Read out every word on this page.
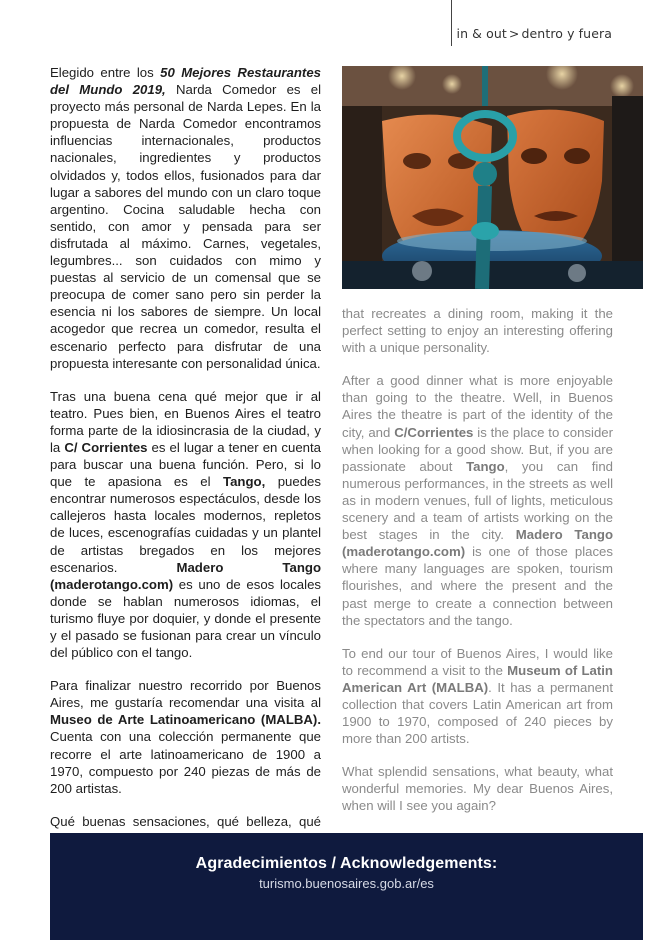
in & out > dentro y fuera

Elegido entre los 50 Mejores Restaurantes del Mundo 2019, Narda Comedor es el proyecto más personal de Narda Lepes. En la propuesta de Narda Comedor encontramos influencias internacionales, productos nacionales, ingredientes y productos olvidados y, todos ellos, fusionados para dar lugar a sabores del mundo con un claro toque argentino. Cocina saludable hecha con sentido, con amor y pensada para ser disfrutada al máximo. Carnes, vegetales, legumbres... son cuidados con mimo y puestas al servicio de un comensal que se preocupa de comer sano pero sin perder la esencia ni los sabores de siempre. Un local acogedor que recrea un comedor, resulta el escenario perfecto para disfrutar de una propuesta interesante con personalidad única.

Tras una buena cena qué mejor que ir al teatro. Pues bien, en Buenos Aires el teatro forma parte de la idiosincrasia de la ciudad, y la C/ Corrientes es el lugar a tener en cuenta para buscar una buena función. Pero, si lo que te apasiona es el Tango, puedes encontrar numerosos espectáculos, desde los callejeros hasta locales modernos, repletos de luces, escenografías cuidadas y un plantel de artistas bregados en los mejores escenarios. Madero Tango (maderotango.com) es uno de esos locales donde se hablan numerosos idiomas, el turismo fluye por doquier, y donde el presente y el pasado se fusionan para crear un vínculo del público con el tango.

Para finalizar nuestro recorrido por Buenos Aires, me gustaría recomendar una visita al Museo de Arte Latinoamericano (MALBA). Cuenta con una colección permanente que recorre el arte latinoamericano de 1900 a 1970, compuesto por 240 piezas de más de 200 artistas.

Qué buenas sensaciones, qué belleza, qué

that recreates a dining room, making it the perfect setting to enjoy an interesting offering with a unique personality.

After a good dinner what is more enjoyable than going to the theatre. Well, in Buenos Aires the theatre is part of the identity of the city, and C/Corrientes is the place to consider when looking for a good show. But, if you are passionate about Tango, you can find numerous performances, in the streets as well as in modern venues, full of lights, meticulous scenery and a team of artists working on the best stages in the city. Madero Tango (maderotango.com) is one of those places where many languages are spoken, tourism flourishes, and where the present and the past merge to create a connection between the spectators and the tango.

To end our tour of Buenos Aires, I would like to recommend a visit to the Museum of Latin American Art (MALBA). It has a permanent collection that covers Latin American art from 1900 to 1970, composed of 240 pieces by more than 200 artists.

What splendid sensations, what beauty, what wonderful memories. My dear Buenos Aires, when will I see you again?

Agradecimientos / Acknowledgements:
turismo.buenosaires.gob.ar/es
